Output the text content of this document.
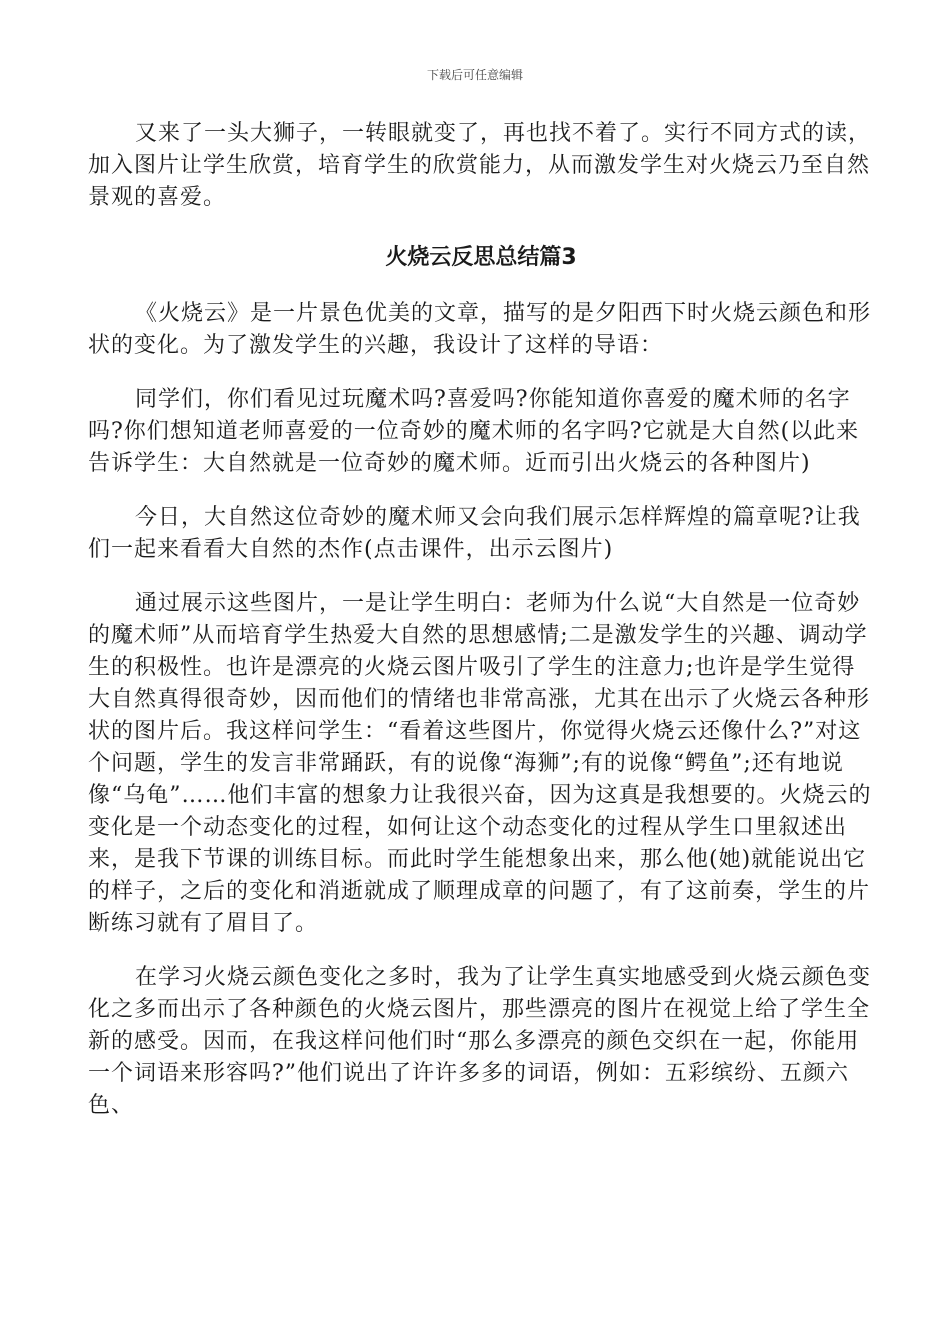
下载后可任意编辑

又来了一头大狮子，一转眼就变了，再也找不着了。实行不同方式的读，加入图片让学生欣赏，培育学生的欣赏能力，从而激发学生对火烧云乃至自然景观的喜爱。

火烧云反思总结篇3

《火烧云》是一片景色优美的文章，描写的是夕阳西下时火烧云颜色和形状的变化。为了激发学生的兴趣，我设计了这样的导语：

同学们，你们看见过玩魔术吗?喜爱吗?你能知道你喜爱的魔术师的名字吗?你们想知道老师喜爱的一位奇妙的魔术师的名字吗?它就是大自然(以此来告诉学生：大自然就是一位奇妙的魔术师。近而引出火烧云的各种图片)

今日，大自然这位奇妙的魔术师又会向我们展示怎样辉煌的篇章呢?让我们一起来看看大自然的杰作(点击课件，出示云图片)

通过展示这些图片，一是让学生明白：老师为什么说“大自然是一位奇妙的魔术师”从而培育学生热爱大自然的思想感情;二是激发学生的兴趣、调动学生的积极性。也许是漂亮的火烧云图片吸引了学生的注意力;也许是学生觉得大自然真得很奇妙，因而他们的情绪也非常高涨，尤其在出示了火烧云各种形状的图片后。我这样问学生：“看着这些图片，你觉得火烧云还像什么?”对这个问题，学生的发言非常踊跃，有的说像“海狮”;有的说像“鳄鱼”;还有地说像“乌龟”……他们丰富的想象力让我很兴奋，因为这真是我想要的。火烧云的变化是一个动态变化的过程，如何让这个动态变化的过程从学生口里叙述出来，是我下节课的训练目标。而此时学生能想象出来，那么他(她)就能说出它的样子，之后的变化和消逝就成了顺理成章的问题了，有了这前奏，学生的片断练习就有了眉目了。

在学习火烧云颜色变化之多时，我为了让学生真实地感受到火烧云颜色变化之多而出示了各种颜色的火烧云图片，那些漂亮的图片在视觉上给了学生全新的感受。因而，在我这样问他们时“那么多漂亮的颜色交织在一起，你能用一个词语来形容吗?”他们说出了许许多多的词语，例如：五彩缤纷、五颜六色、
